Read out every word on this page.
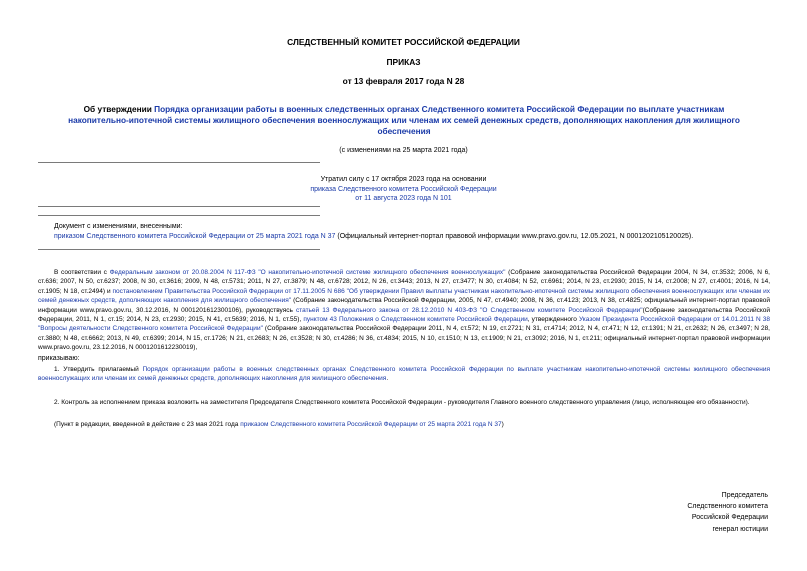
СЛЕДСТВЕННЫЙ КОМИТЕТ РОССИЙСКОЙ ФЕДЕРАЦИИ
ПРИКАЗ
от 13 февраля 2017 года N 28
Об утверждении Порядка организации работы в военных следственных органах Следственного комитета Российской Федерации по выплате участникам накопительно-ипотечной системы жилищного обеспечения военнослужащих или членам их семей денежных средств, дополняющих накопления для жилищного обеспечения
(с изменениями на 25 марта 2021 года)

Утратил силу с 17 октября 2023 года на основании

приказа Следственного комитета Российской Федерации

от 11 августа 2023 года N 101

Документ с изменениями, внесенными:

приказом Следственного комитета Российской Федерации от 25 марта 2021 года N 37 (Официальный интернет-портал правовой информации www.pravo.gov.ru, 12.05.2021, N 0001202105120025).

В соответствии с Федеральным законом от 20.08.2004 N 117-ФЗ "О накопительно-ипотечной системе жилищного обеспечения военнослужащих" (Собрание законодательства Российской Федерации 2004, N 34, ст.3532; 2006, N 6, ст.636; 2007, N 50, ст.6237; 2008, N 30, ст.3616; 2009, N 48, ст.5731; 2011, N 27, ст.3879; N 48, ст.6728; 2012, N 26, ст.3443; 2013, N 27, ст.3477; N 30, ст.4084; N 52, ст.6961; 2014, N 23, ст.2930; 2015, N 14, ст.2008; N 27, ст.4001; 2016, N 14, ст.1905; N 18, ст.2494) и постановлением Правительства Российской Федерации от 17.11.2005 N 686 "Об утверждении Правил выплаты участникам накопительно-ипотечной системы жилищного обеспечения военнослужащих или членам их семей денежных средств, дополняющих накопления для жилищного обеспечения" (Собрание законодательства Российской Федерации, 2005, N 47, ст.4940; 2008, N 36, ст.4123; 2013, N 38, ст.4825; официальный интернет-портал правовой информации www.pravo.gov.ru, 30.12.2016, N 0001201612300106), руководствуясь статьей 13 Федерального закона от 28.12.2010 N 403-ФЗ "О Следственном комитете Российской Федерации"(Собрание законодательства Российской Федерации, 2011, N 1, ст.15; 2014, N 23, ст.2930; 2015, N 41, ст.5639; 2016, N 1, ст.55), пунктом 43 Положения о Следственном комитете Российской Федерации, утвержденного Указом Президента Российской Федерации от 14.01.2011 N 38 "Вопросы деятельности Следственного комитета Российской Федерации" (Собрание законодательства Российской Федерации 2011, N 4, ст.572; N 19, ст.2721; N 31, ст.4714; 2012, N 4, ст.471; N 12, ст.1391; N 21, ст.2632; N 26, ст.3497; N 28, ст.3880; N 48, ст.6662; 2013, N 49, ст.6399; 2014, N 15, ст.1726; N 21, ст.2683; N 26, ст.3528; N 30, ст.4286; N 36, ст.4834; 2015, N 10, ст.1510; N 13, ст.1909; N 21, ст.3092; 2016, N 1, ст.211; официальный интернет-портал правовой информации www.pravo.gov.ru, 23.12.2016, N 0001201612230019),
приказываю:
1. Утвердить прилагаемый Порядок организации работы в военных следственных органах Следственного комитета Российской Федерации по выплате участникам накопительно-ипотечной системы жилищного обеспечения военнослужащих или членам их семей денежных средств, дополняющих накопления для жилищного обеспечения.
2. Контроль за исполнением приказа возложить на заместителя Председателя Следственного комитета Российской Федерации - руководителя Главного военного следственного управления (лицо, исполняющее его обязанности).
(Пункт в редакции, введенной в действие с 23 мая 2021 года приказом Следственного комитета Российской Федерации от 25 марта 2021 года N 37)

Председатель

Следственного комитета

Российской Федерации

генерал юстиции
